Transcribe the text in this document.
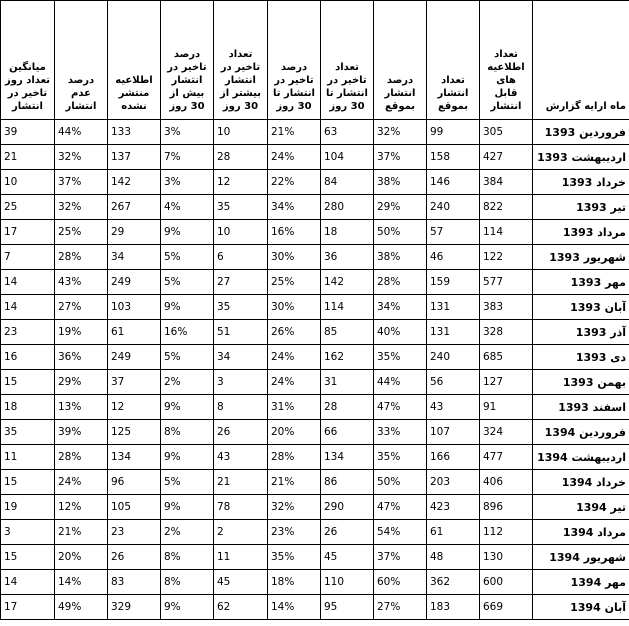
ماه ارایه گزارش	تعداد اطلاعیه های قابل انتشار	تعداد انتشار بموقع	درصد انتشار بموقع	تعداد تاخیر در انتشار تا 30 روز	درصد تاخیر در انتشار تا 30 روز	تعداد تاخیر در انتشار بیشتر از 30 روز	درصد تاخیر در انتشار بیش از 30 روز	اطلاعیه منتشر نشده	درصد عدم انتشار	میانگین تعداد روز تاخیر در انتشار
فروردین 1393	305	99	32%	63	21%	10	3%	133	44%	39
اردیبهشت 1393	427	158	37%	104	24%	28	7%	137	32%	21
خرداد 1393	384	146	38%	84	22%	12	3%	142	37%	10
تیر 1393	822	240	29%	280	34%	35	4%	267	32%	25
مرداد 1393	114	57	50%	18	16%	10	9%	29	25%	17
شهریور 1393	122	46	38%	36	30%	6	5%	34	28%	7
مهر 1393	577	159	28%	142	25%	27	5%	249	43%	14
آبان 1393	383	131	34%	114	30%	35	9%	103	27%	14
آذر 1393	328	131	40%	85	26%	51	16%	61	19%	23
دی 1393	685	240	35%	162	24%	34	5%	249	36%	16
بهمن 1393	127	56	44%	31	24%	3	2%	37	29%	15
اسفند 1393	91	43	47%	28	31%	8	9%	12	13%	18
فروردین 1394	324	107	33%	66	20%	26	8%	125	39%	35
اردیبهشت 1394	477	166	35%	134	28%	43	9%	134	28%	11
خرداد 1394	406	203	50%	86	21%	21	5%	96	24%	15
تیر 1394	896	423	47%	290	32%	78	9%	105	12%	19
مرداد 1394	112	61	54%	26	23%	2	2%	23	21%	3
شهریور 1394	130	48	37%	45	35%	11	8%	26	20%	15
مهر 1394	600	362	60%	110	18%	45	8%	83	14%	14
آبان 1394	669	183	27%	95	14%	62	9%	329	49%	17
